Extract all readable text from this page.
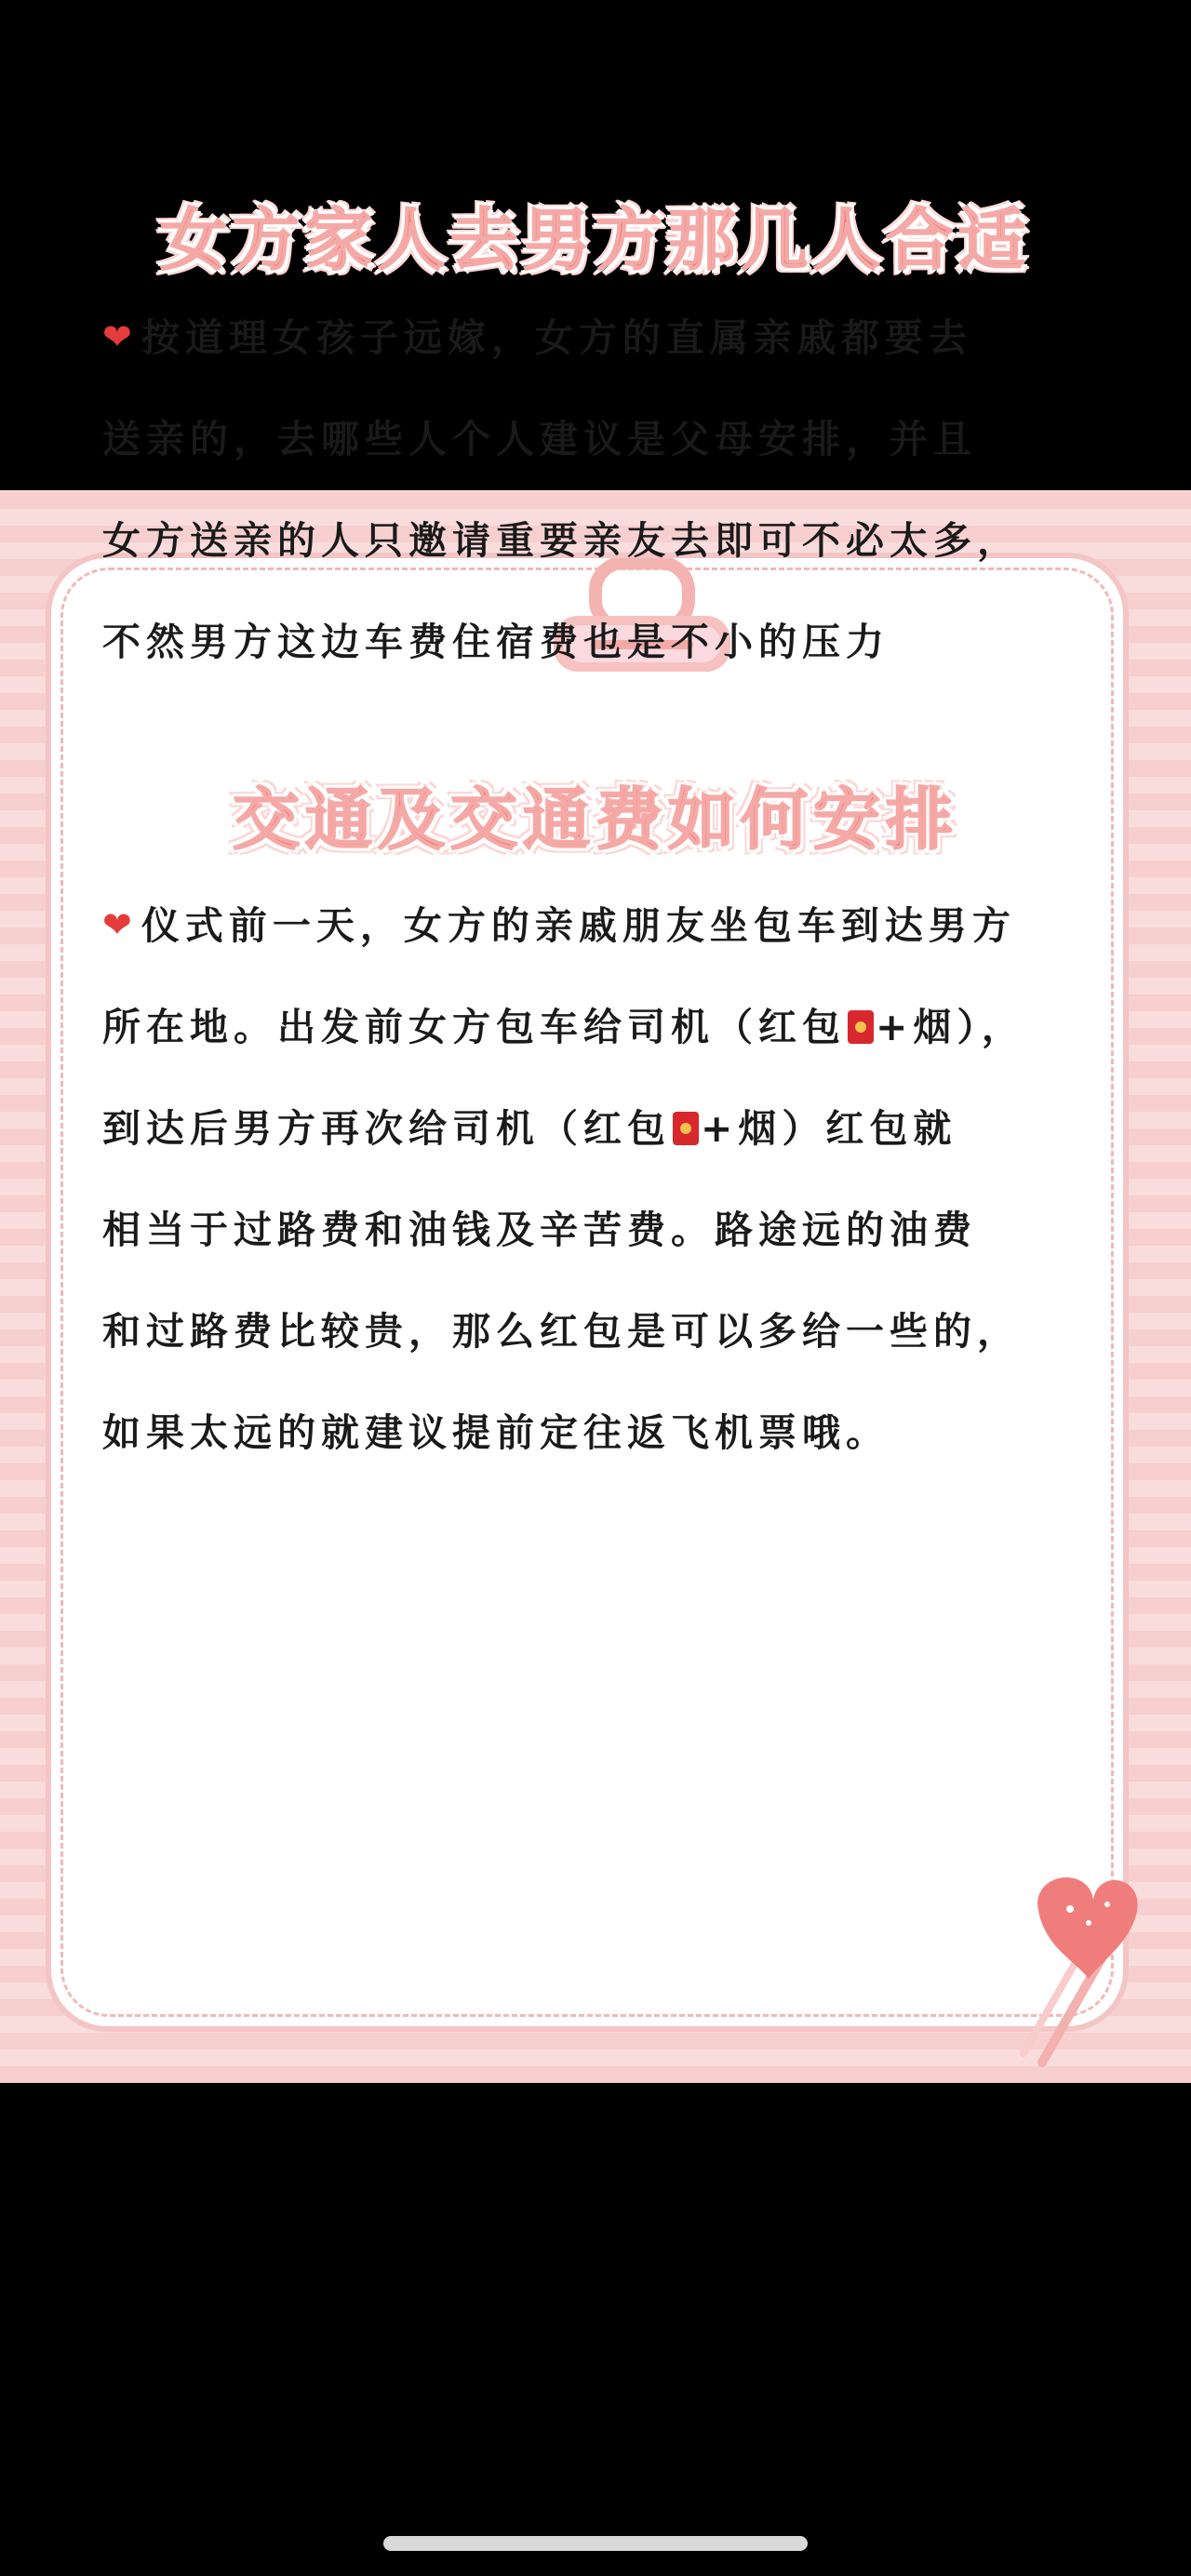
女方家人去男方那几人合适
❤按道理女孩子远嫁，女方的直属亲戚都要去
送亲的，去哪些人个人建议是父母安排，并且
女方送亲的人只邀请重要亲友去即可不必太多，
不然男方这边车费住宿费也是不小的压力
交通及交通费如何安排
❤仪式前一天，女方的亲戚朋友坐包车到达男方
所在地。出发前女方包车给司机（红包 +烟），
到达后男方再次给司机（红包 +烟）红包就
相当于过路费和油钱及辛苦费。路途远的油费
和过路费比较贵，那么红包是可以多给一些的，
如果太远的就建议提前定往返飞机票哦。
